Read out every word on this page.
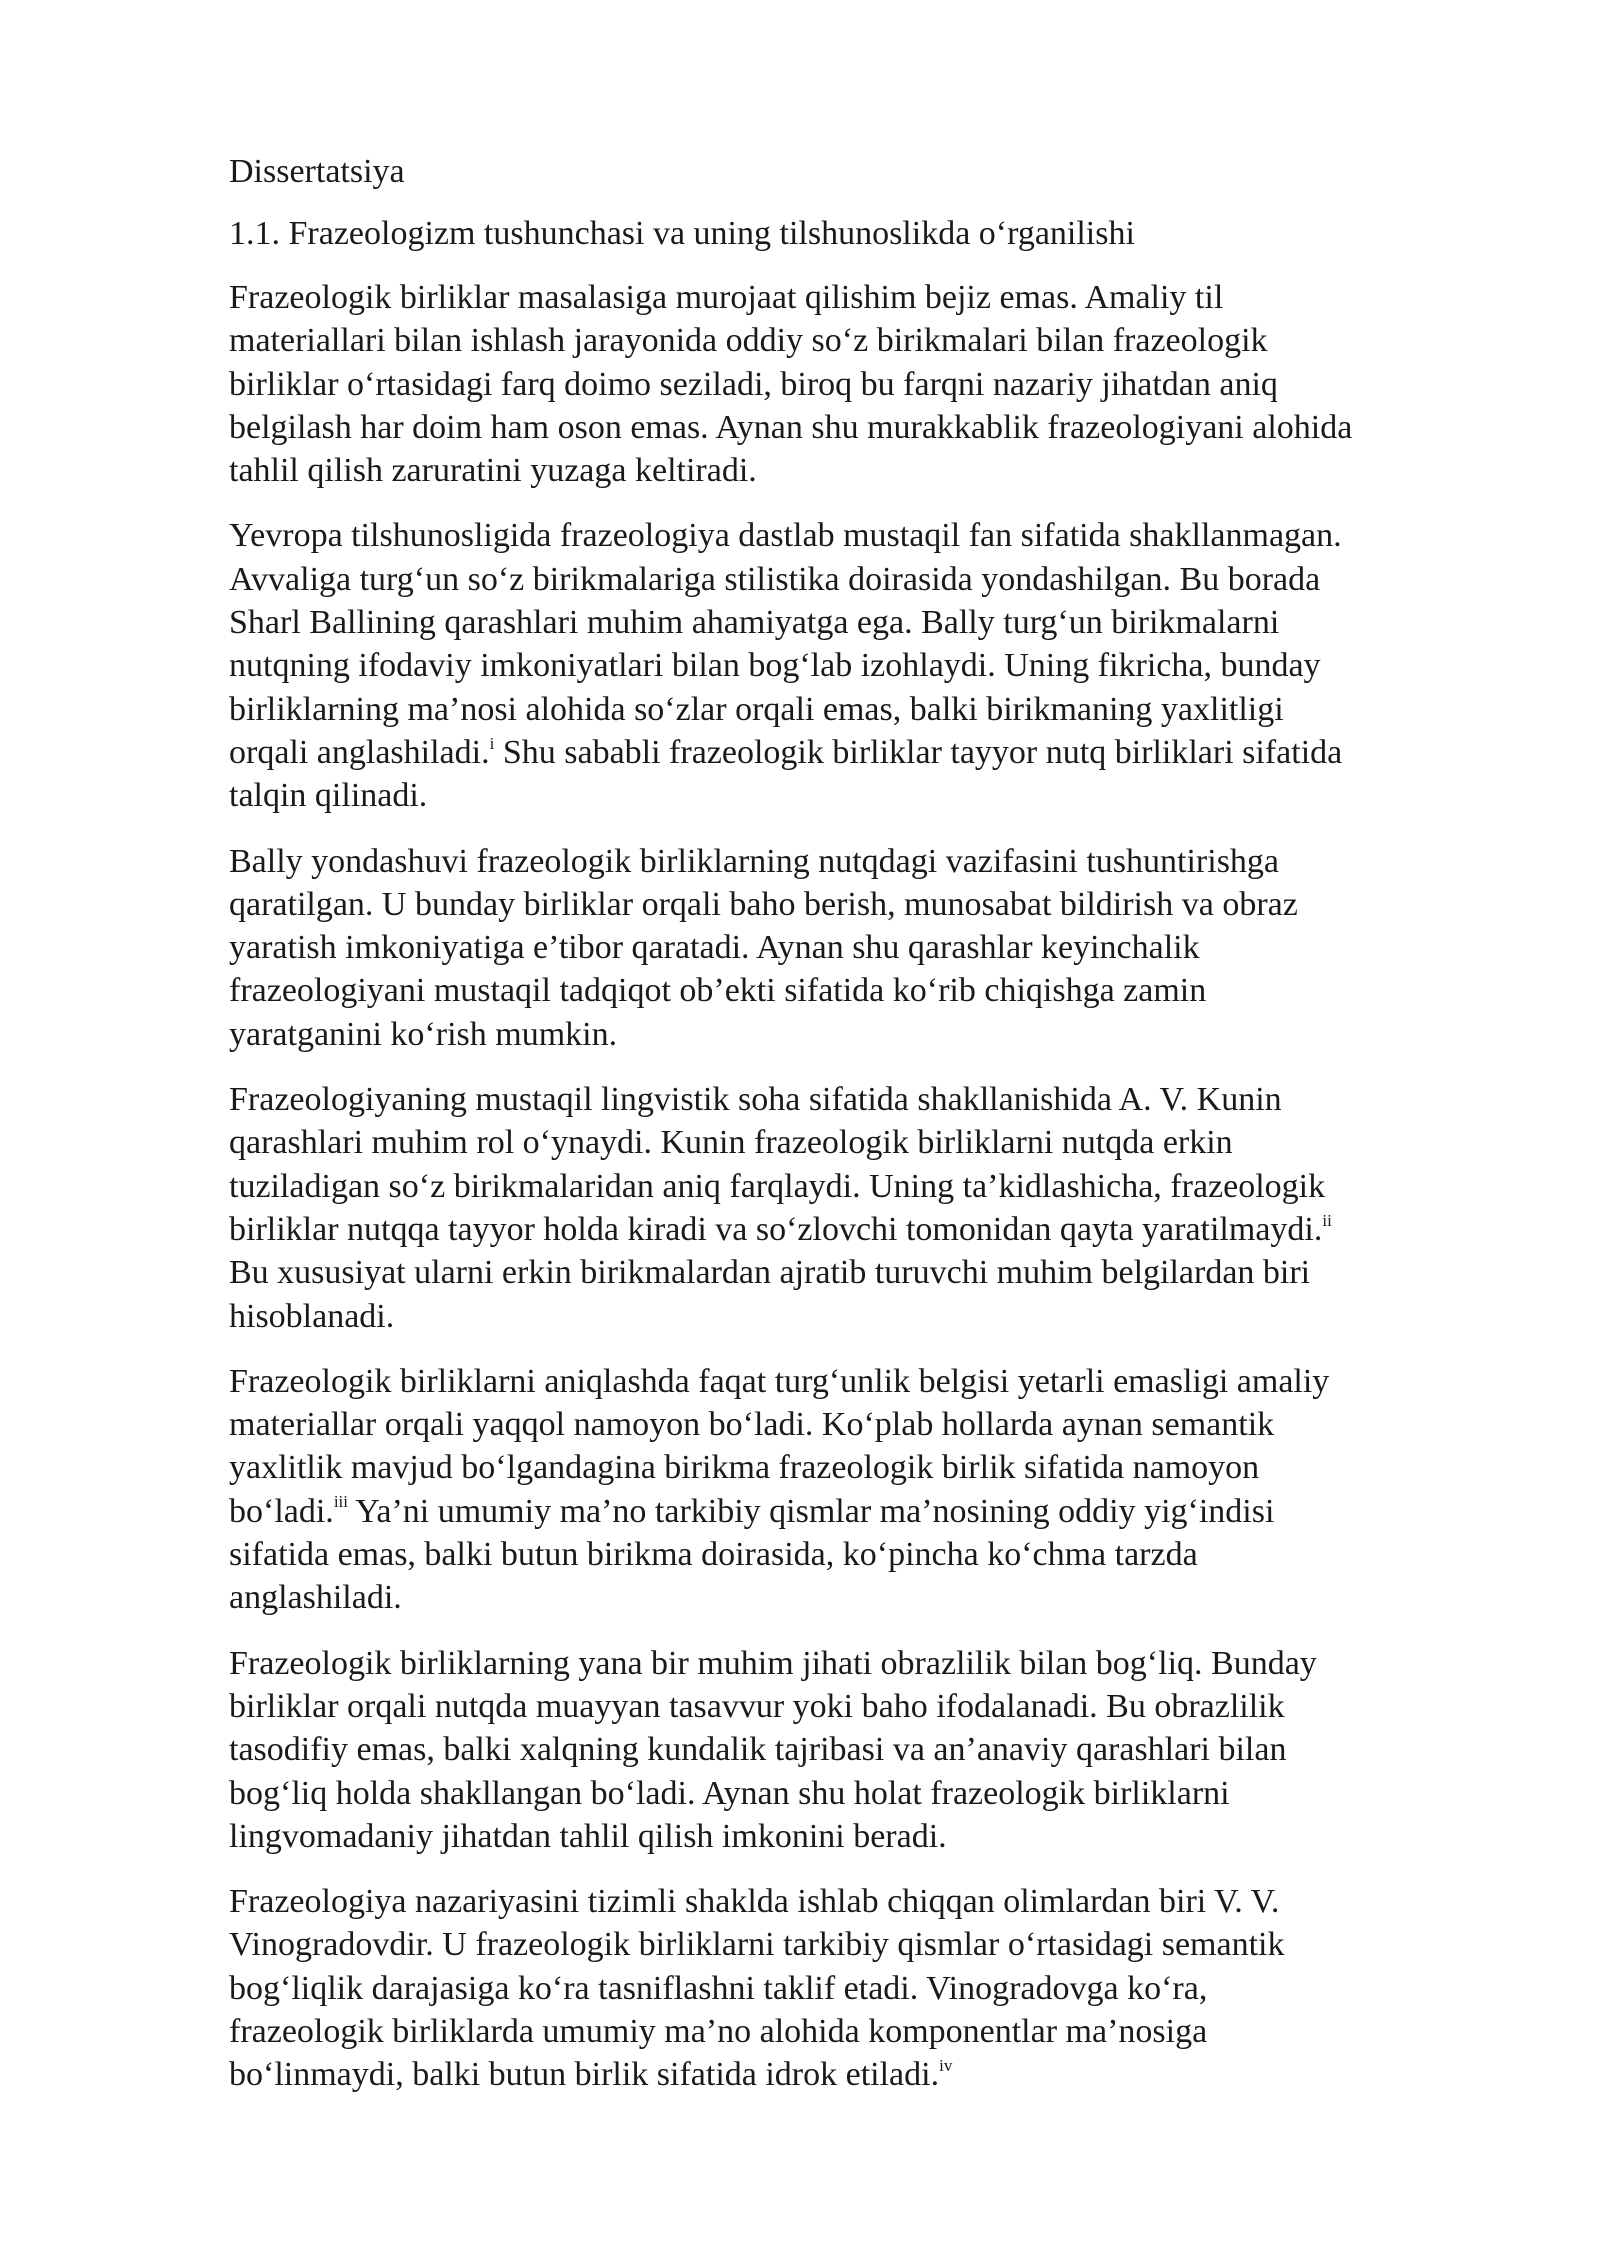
Dissertatsiya

1.1. Frazeologizm tushunchasi va uning tilshunoslikda o‘rganilishi

Frazeologik birliklar masalasiga murojaat qilishim bejiz emas. Amaliy til
materiallari bilan ishlash jarayonida oddiy so‘z birikmalari bilan frazeologik
birliklar o‘rtasidagi farq doimo seziladi, biroq bu farqni nazariy jihatdan aniq
belgilash har doim ham oson emas. Aynan shu murakkablik frazeologiyani alohida
tahlil qilish zaruratini yuzaga keltiradi.

Yevropa tilshunosligida frazeologiya dastlab mustaqil fan sifatida shakllanmagan.
Avvaliga turg‘un so‘z birikmalariga stilistika doirasida yondashilgan. Bu borada
Sharl Ballining qarashlari muhim ahamiyatga ega. Bally turg‘un birikmalarni
nutqning ifodaviy imkoniyatlari bilan bog‘lab izohlaydi. Uning fikricha, bunday
birliklarning ma’nosi alohida so‘zlar orqali emas, balki birikmaning yaxlitligi
orqali anglashiladi.$^i$ Shu sababli frazeologik birliklar tayyor nutq birliklari sifatida
talqin qilinadi.

Bally yondashuvi frazeologik birliklarning nutqdagi vazifasini tushuntirishga
qaratilgan. U bunday birliklar orqali baho berish, munosabat bildirish va obraz
yaratish imkoniyatiga e’tibor qaratadi. Aynan shu qarashlar keyinchalik
frazeologiyani mustaqil tadqiqot ob’ekti sifatida ko‘rib chiqishga zamin
yaratganini ko‘rish mumkin.

Frazeologiyaning mustaqil lingvistik soha sifatida shakllanishida A. V. Kunin
qarashlari muhim rol o‘ynaydi. Kunin frazeologik birliklarni nutqda erkin
tuziladigan so‘z birikmalaridan aniq farqlaydi. Uning ta’kidlashicha, frazeologik
birliklar nutqqa tayyor holda kiradi va so‘zlovchi tomonidan qayta yaratilmaydi.$^{ii}$
Bu xususiyat ularni erkin birikmalardan ajratib turuvchi muhim belgilardan biri
hisoblanadi.

Frazeologik birliklarni aniqlashda faqat turg‘unlik belgisi yetarli emasligi amaliy
materiallar orqali yaqqol namoyon bo‘ladi. Ko‘plab hollarda aynan semantik
yaxlitlik mavjud bo‘lgandagina birikma frazeologik birlik sifatida namoyon
bo‘ladi.$^{iii}$ Ya’ni umumiy ma’no tarkibiy qismlar ma’nosining oddiy yig‘indisi
sifatida emas, balki butun birikma doirasida, ko‘pincha ko‘chma tarzda
anglashiladi.

Frazeologik birliklarning yana bir muhim jihati obrazlilik bilan bog‘liq. Bunday
birliklar orqali nutqda muayyan tasavvur yoki baho ifodalanadi. Bu obrazlilik
tasodifiy emas, balki xalqning kundalik tajribasi va an’anaviy qarashlari bilan
bog‘liq holda shakllangan bo‘ladi. Aynan shu holat frazeologik birliklarni
lingvomadaniy jihatdan tahlil qilish imkonini beradi.

Frazeologiya nazariyasini tizimli shaklda ishlab chiqqan olimlardan biri V. V.
Vinogradovdir. U frazeologik birliklarni tarkibiy qismlar o‘rtasidagi semantik
bog‘liqlik darajasiga ko‘ra tasniflashni taklif etadi. Vinogradovga ko‘ra,
frazeologik birliklarda umumiy ma’no alohida komponentlar ma’nosiga
bo‘linmaydi, balki butun birlik sifatida idrok etiladi.$^{iv}$
